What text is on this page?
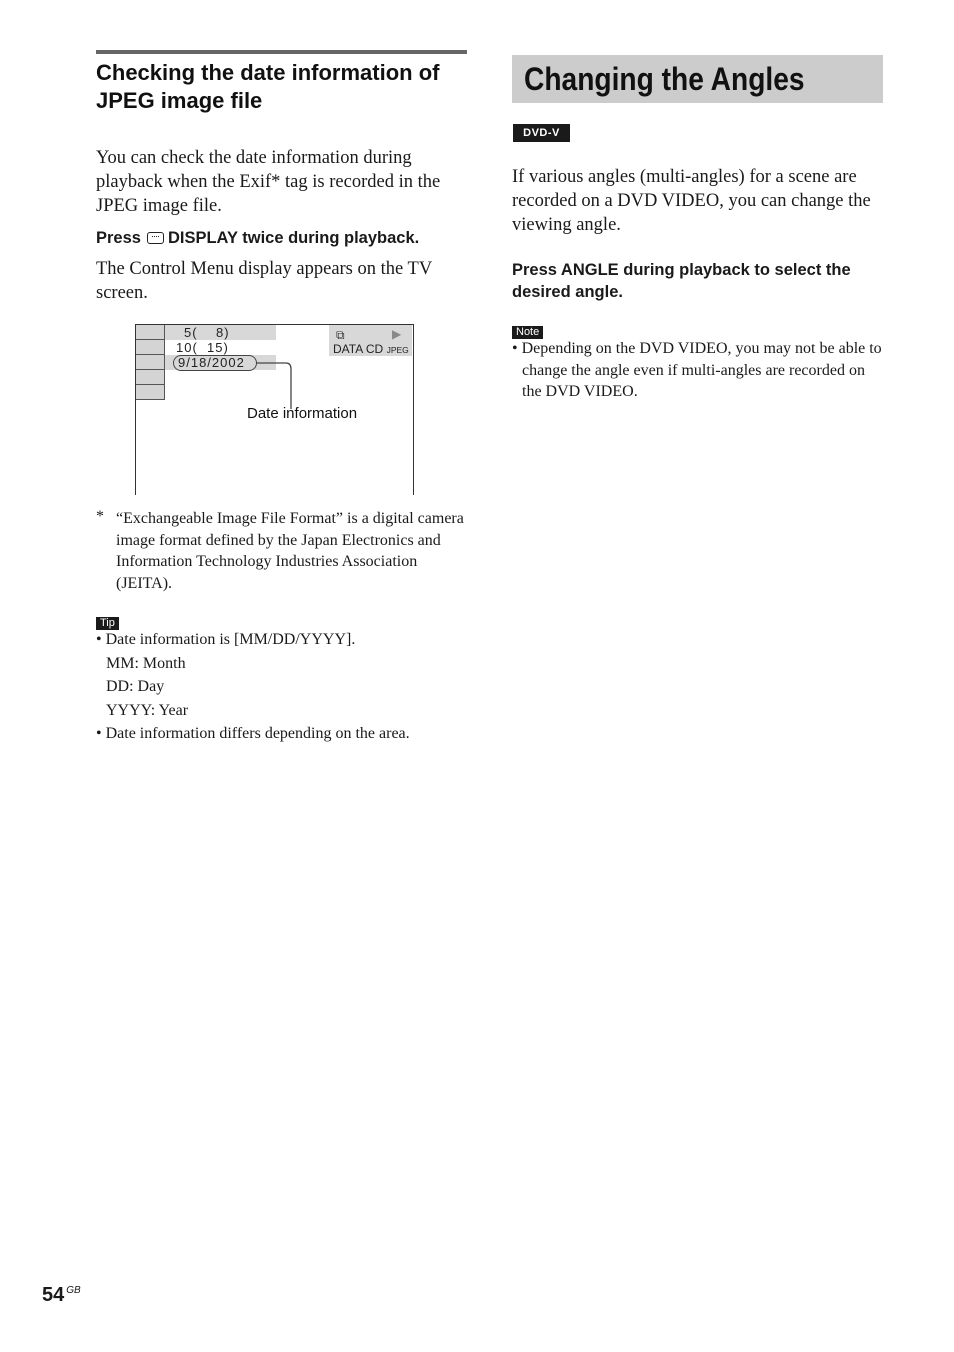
Checking the date information of JPEG image file
You can check the date information during playback when the Exif* tag is recorded in the JPEG image file.
Press DISPLAY twice during playback.
The Control Menu display appears on the TV screen.
5(    8)
10(  15)
9/18/2002
⧉	▶
DATA CD JPEG
Date information
* “Exchangeable Image File Format” is a digital camera image format defined by the Japan Electronics and Information Technology Industries Association (JEITA).
Tip
• Date information is [MM/DD/YYYY].
MM: Month
DD: Day
YYYY: Year
• Date information differs depending on the area.
Changing the Angles
DVD-V
If various angles (multi-angles) for a scene are recorded on a DVD VIDEO, you can change the viewing angle.
Press ANGLE during playback to select the desired angle.
Note
• Depending on the DVD VIDEO, you may not be able to change the angle even if multi-angles are recorded on the DVD VIDEO.
54 $^{GB}$
